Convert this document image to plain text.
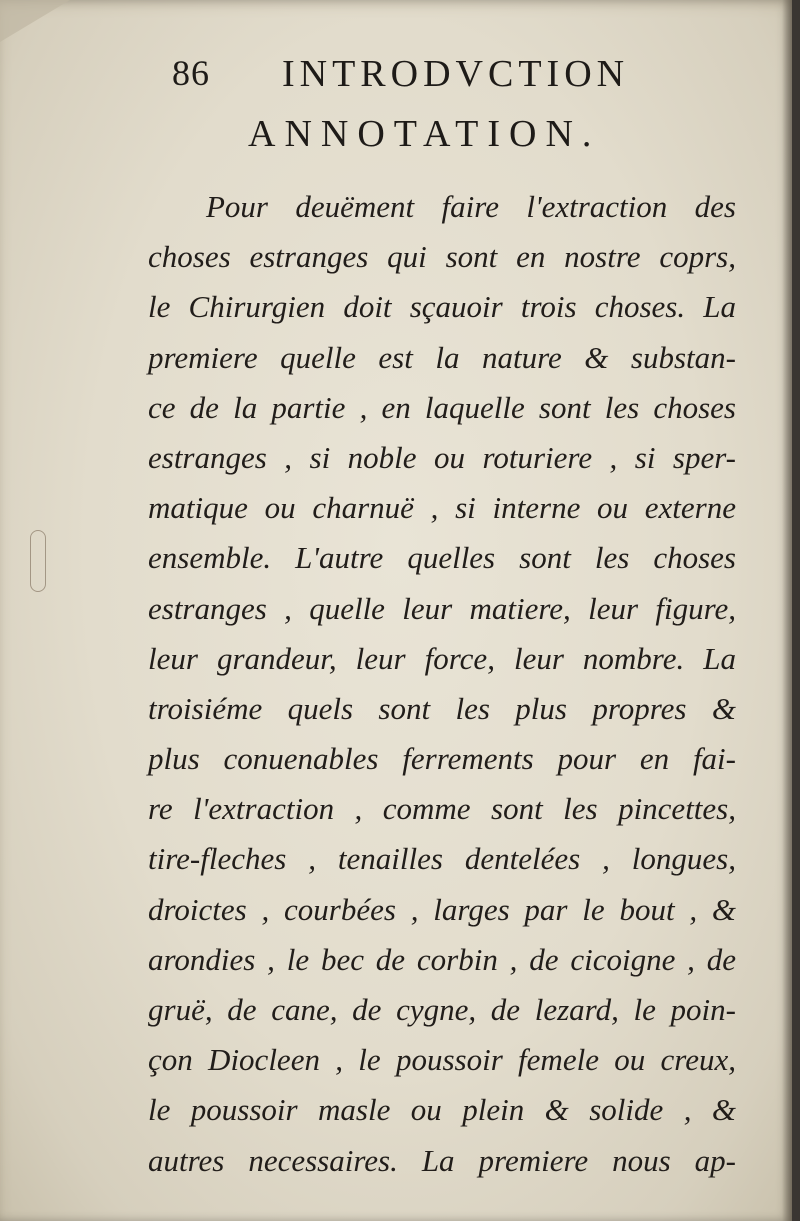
86 INTRODVCTION
ANNOTATION.
Pour deuëment faire l'extraction des
choses estranges qui sont en nostre coprs,
le Chirurgien doit sçauoir trois choses. La
premiere quelle est la nature & substan-
ce de la partie , en laquelle sont les choses
estranges , si noble ou roturiere , si sper-
matique ou charnuë , si interne ou externe
ensemble. L'autre quelles sont les choses
estranges , quelle leur matiere, leur figure,
leur grandeur, leur force, leur nombre. La
troisiéme quels sont les plus propres &
plus conuenables ferrements pour en fai-
re l'extraction , comme sont les pincettes,
tire-fleches , tenailles dentelées , longues,
droictes , courbées , larges par le bout , &
arondies , le bec de corbin , de cicoigne , de
gruë, de cane, de cygne, de lezard, le poin-
çon Diocleen , le poussoir femele ou creux,
le poussoir masle ou plein & solide , &
autres necessaires. La premiere nous ap-
